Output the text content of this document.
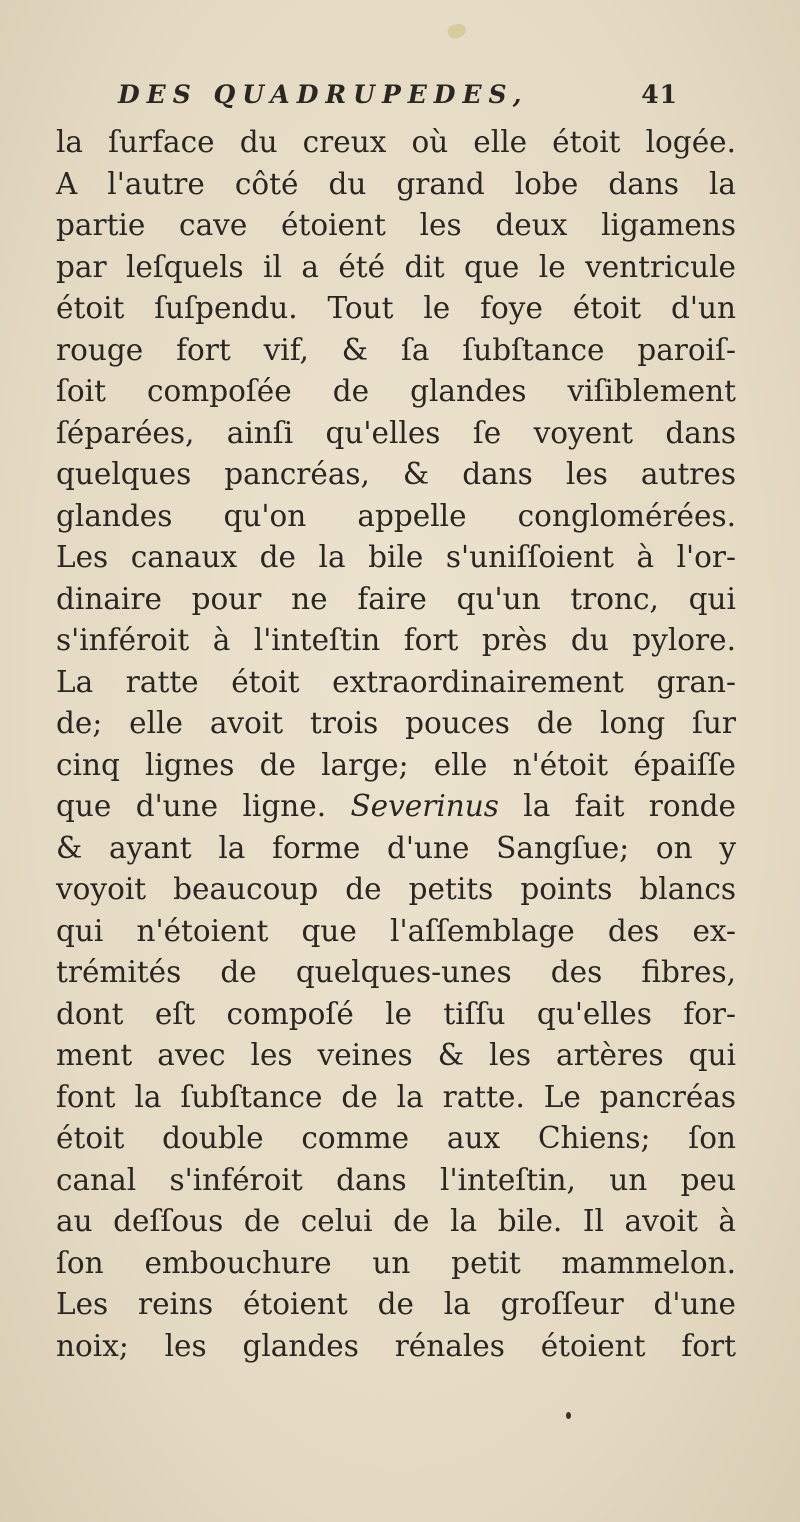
DES QUADRUPEDES,	41
la ſurface du creux où elle étoit logée.
A l'autre côté du grand lobe dans la
partie cave étoient les deux ligamens
par leſquels il a été dit que le ventricule
étoit ſuſpendu. Tout le foye étoit d'un
rouge fort vif, & ſa ſubſtance paroiſ-
ſoit compoſée de glandes viſiblement
ſéparées, ainſi qu'elles ſe voyent dans
quelques pancréas, & dans les autres
glandes qu'on appelle conglomérées.
Les canaux de la bile s'uniſſoient à l'or-
dinaire pour ne faire qu'un tronc, qui
s'inféroit à l'inteſtin fort près du pylore.
La ratte étoit extraordinairement gran-
de; elle avoit trois pouces de long ſur
cinq lignes de large; elle n'étoit épaiſſe
que d'une ligne. Severinus la fait ronde
& ayant la forme d'une Sangſue; on y
voyoit beaucoup de petits points blancs
qui n'étoient que l'aſſemblage des ex-
trémités de quelques-unes des fibres,
dont eſt compoſé le tiſſu qu'elles for-
ment avec les veines & les artères qui
font la ſubſtance de la ratte. Le pancréas
étoit double comme aux Chiens; ſon
canal s'inféroit dans l'inteſtin, un peu
au deſſous de celui de la bile. Il avoit à
ſon embouchure un petit mammelon.
Les reins étoient de la groſſeur d'une
noix; les glandes rénales étoient fort
